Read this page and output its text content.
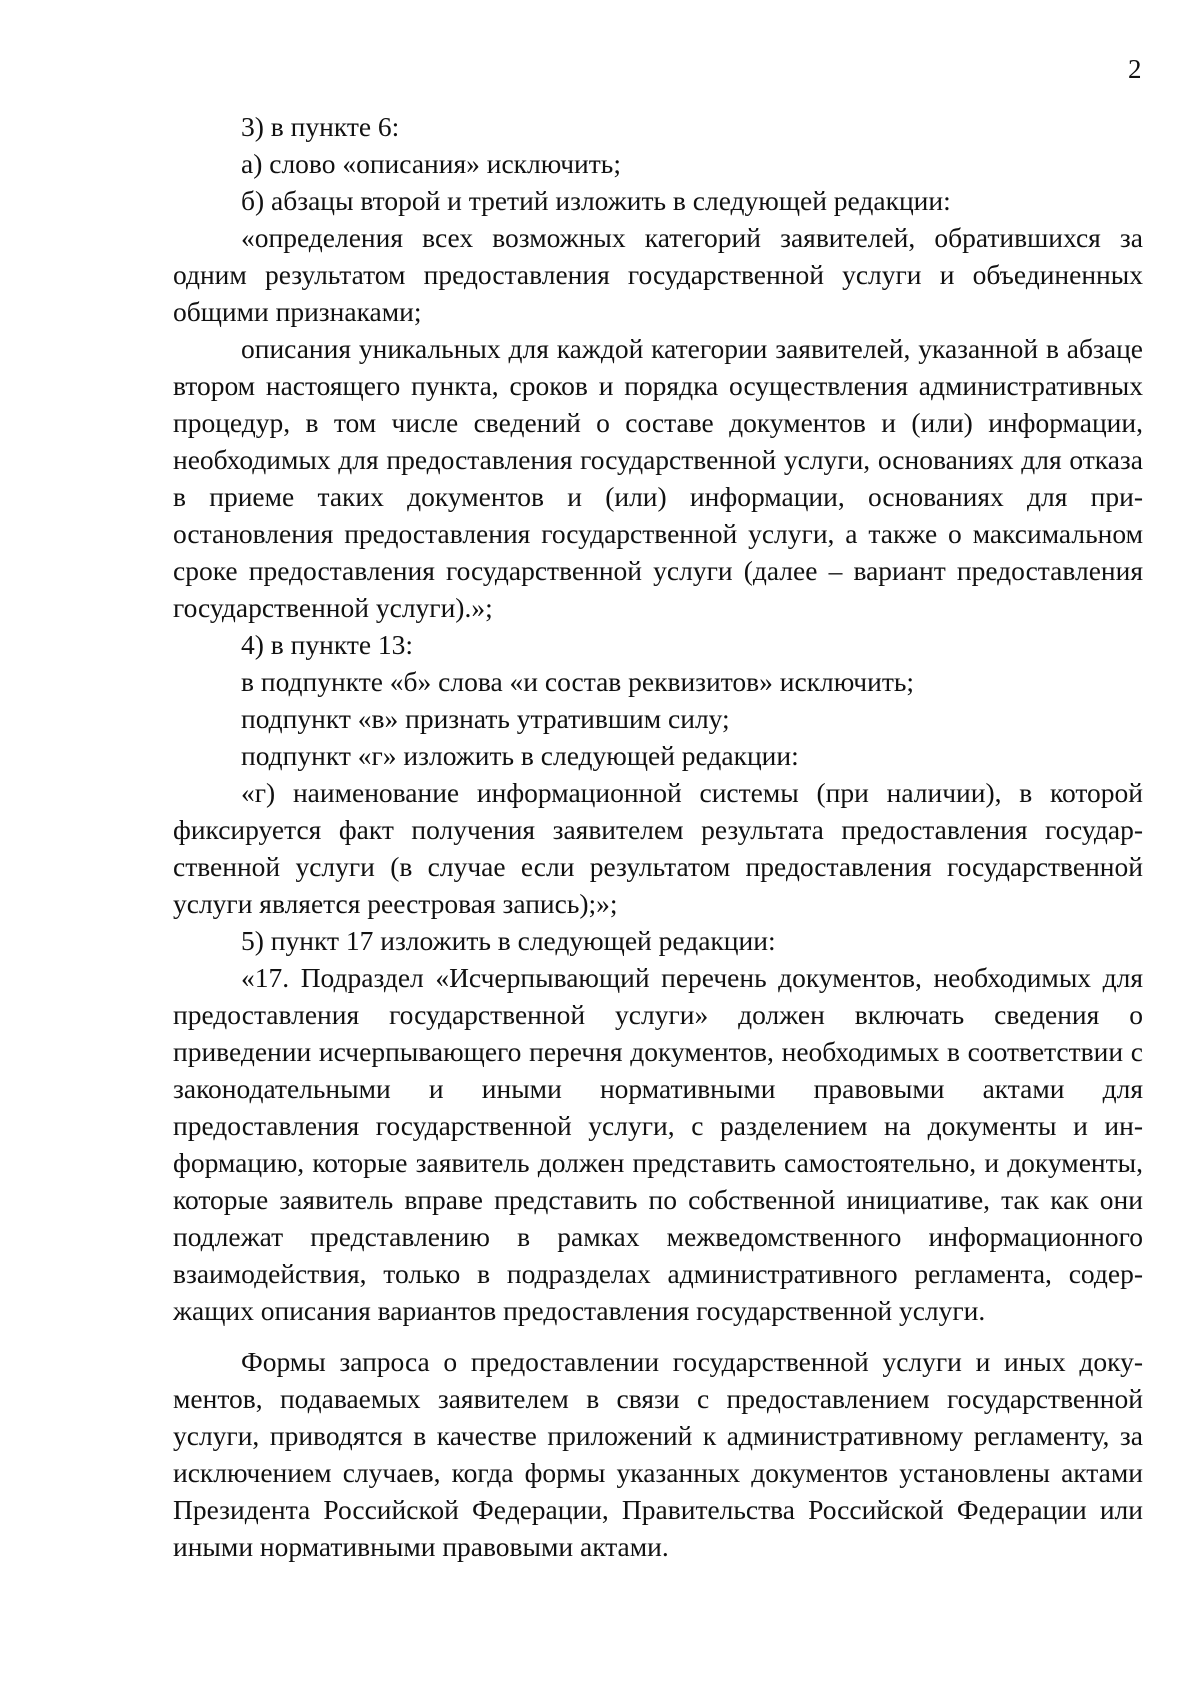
2

3) в пункте 6:

а) слово «описания» исключить;

б) абзацы второй и третий изложить в следующей редакции:

«определения всех возможных категорий заявителей, обратившихся за одним результатом предоставления государственной услуги и объединенных общими признаками;

описания уникальных для каждой категории заявителей, указанной в абзаце втором настоящего пункта, сроков и порядка осуществления административных процедур, в том числе сведений о составе документов и (или) информации, необходимых для предоставления государственной услуги, основаниях для отказа в приеме таких документов и (или) информации, основаниях для приостановления предоставления государственной услуги, а также о максимальном сроке предоставления государственной услуги (далее – вариант предоставления государственной услуги).»;

4) в пункте 13:

в подпункте «б» слова «и состав реквизитов» исключить;

подпункт «в» признать утратившим силу;

подпункт «г» изложить в следующей редакции:

«г) наименование информационной системы (при наличии), в которой фиксируется факт получения заявителем результата предоставления государственной услуги (в случае если результатом предоставления государственной услуги является реестровая запись);»;

5) пункт 17 изложить в следующей редакции:

«17. Подраздел «Исчерпывающий перечень документов, необходимых для предоставления государственной услуги» должен включать сведения о приведении исчерпывающего перечня документов, необходимых в соответствии с законодательными и иными нормативными правовыми актами для предоставления государственной услуги, с разделением на документы и информацию, которые заявитель должен представить самостоятельно, и документы, которые заявитель вправе представить по собственной инициативе, так как они подлежат представлению в рамках межведомственного информационного взаимодействия, только в подразделах административного регламента, содержащих описания вариантов предоставления государственной услуги.

Формы запроса о предоставлении государственной услуги и иных документов, подаваемых заявителем в связи с предоставлением государственной услуги, приводятся в качестве приложений к административному регламенту, за исключением случаев, когда формы указанных документов установлены актами Президента Российской Федерации, Правительства Российской Федерации или иными нормативными правовыми актами.
